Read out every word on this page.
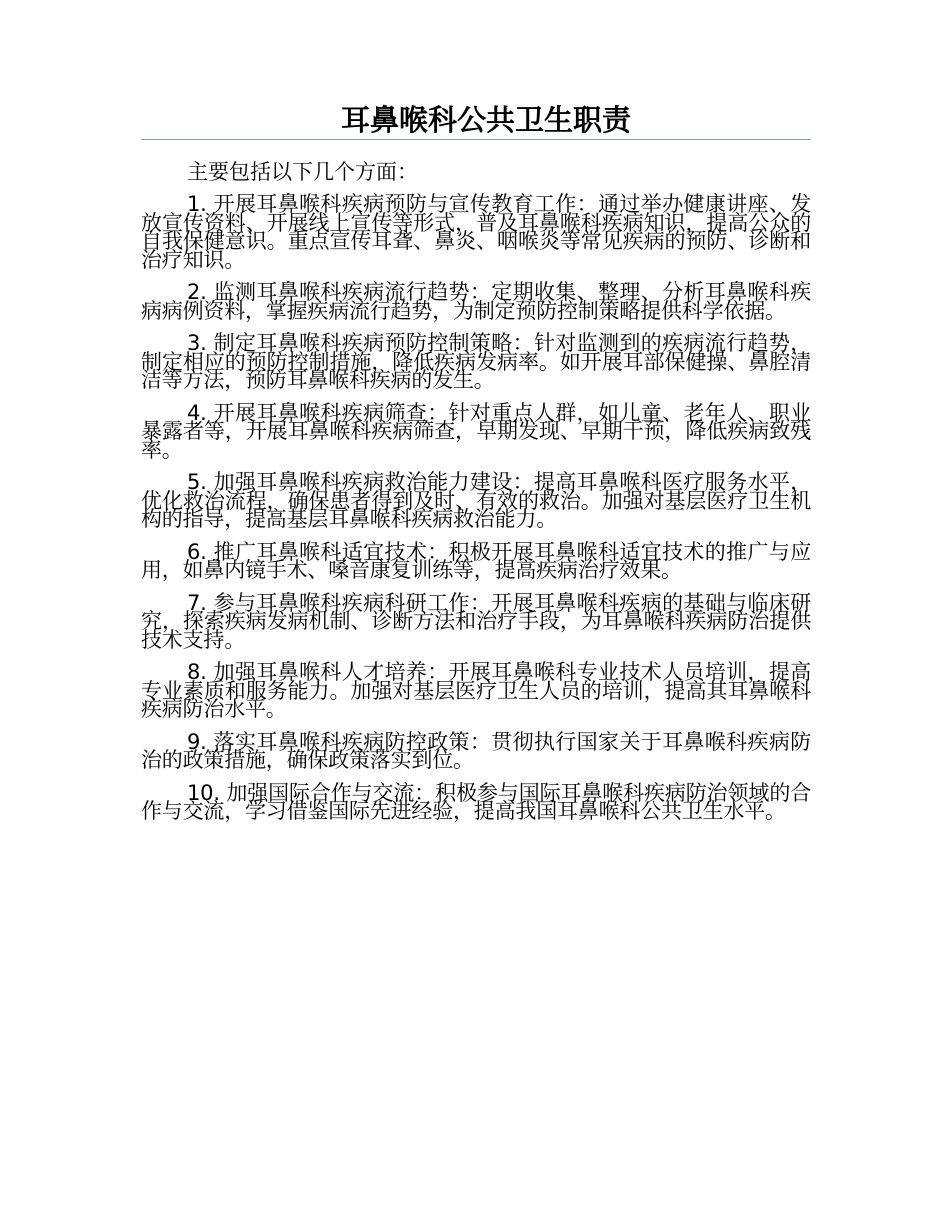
耳鼻喉科公共卫生职责

主要包括以下几个方面：

1. 开展耳鼻喉科疾病预防与宣传教育工作：通过举办健康讲座、发放宣传资料、开展线上宣传等形式，普及耳鼻喉科疾病知识，提高公众的自我保健意识。重点宣传耳聋、鼻炎、咽喉炎等常见疾病的预防、诊断和治疗知识。

2. 监测耳鼻喉科疾病流行趋势：定期收集、整理、分析耳鼻喉科疾病病例资料，掌握疾病流行趋势，为制定预防控制策略提供科学依据。

3. 制定耳鼻喉科疾病预防控制策略：针对监测到的疾病流行趋势，制定相应的预防控制措施，降低疾病发病率。如开展耳部保健操、鼻腔清洁等方法，预防耳鼻喉科疾病的发生。

4. 开展耳鼻喉科疾病筛查：针对重点人群，如儿童、老年人、职业暴露者等，开展耳鼻喉科疾病筛查，早期发现、早期干预，降低疾病致残率。

5. 加强耳鼻喉科疾病救治能力建设：提高耳鼻喉科医疗服务水平，优化救治流程，确保患者得到及时、有效的救治。加强对基层医疗卫生机构的指导，提高基层耳鼻喉科疾病救治能力。

6. 推广耳鼻喉科适宜技术：积极开展耳鼻喉科适宜技术的推广与应用，如鼻内镜手术、嗓音康复训练等，提高疾病治疗效果。

7. 参与耳鼻喉科疾病科研工作：开展耳鼻喉科疾病的基础与临床研究，探索疾病发病机制、诊断方法和治疗手段，为耳鼻喉科疾病防治提供技术支持。

8. 加强耳鼻喉科人才培养：开展耳鼻喉科专业技术人员培训，提高专业素质和服务能力。加强对基层医疗卫生人员的培训，提高其耳鼻喉科疾病防治水平。

9. 落实耳鼻喉科疾病防控政策：贯彻执行国家关于耳鼻喉科疾病防治的政策措施，确保政策落实到位。

10. 加强国际合作与交流：积极参与国际耳鼻喉科疾病防治领域的合作与交流，学习借鉴国际先进经验，提高我国耳鼻喉科公共卫生水平。
